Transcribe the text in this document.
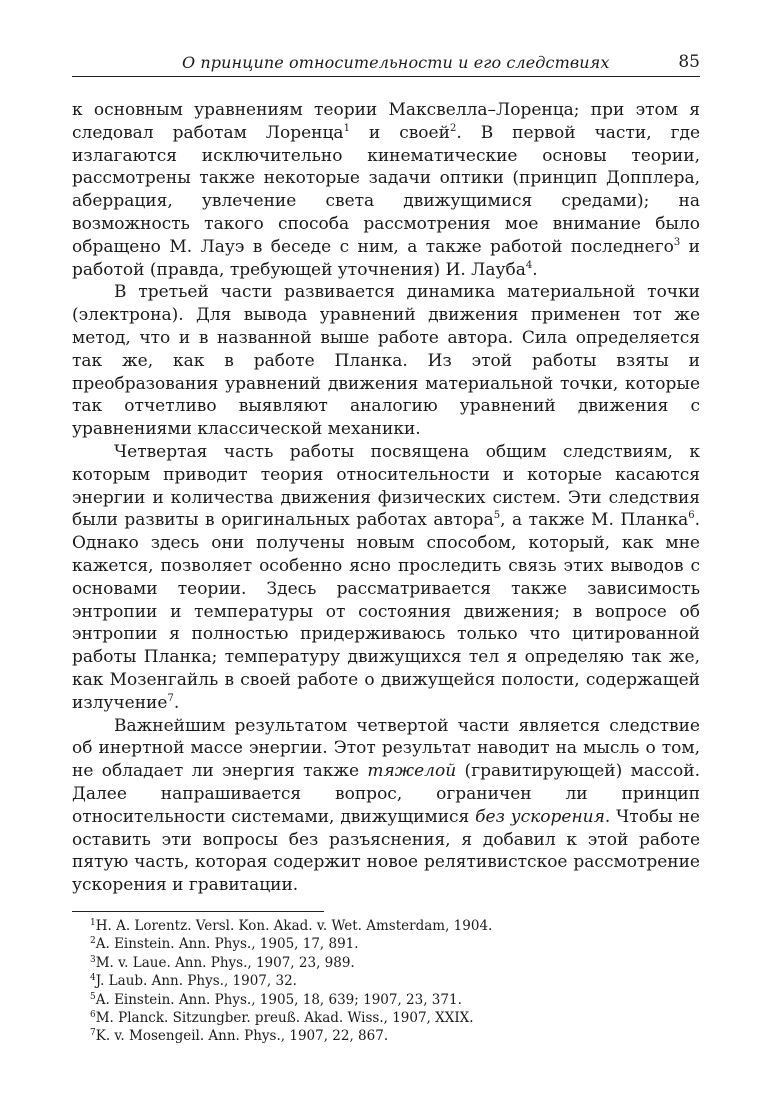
О принципе относительности и его следствиях	85

к основным уравнениям теории Максвелла–Лоренца; при этом я следовал работам Лоренца$^1$ и своей$^2$. В первой части, где излагаются исключительно кинематические основы теории, рассмотрены также некоторые задачи оптики (принцип Допплера, аберрация, увлечение света движущимися средами); на возможность такого способа рассмотрения мое внимание было обращено М. Лауэ в беседе с ним, а также работой последнего$^3$ и работой (правда, требующей уточнения) И. Лауба$^4$.

В третьей части развивается динамика материальной точки (электрона). Для вывода уравнений движения применен тот же метод, что и в названной выше работе автора. Сила определяется так же, как в работе Планка. Из этой работы взяты и преобразования уравнений движения материальной точки, которые так отчетливо выявляют аналогию уравнений движения с уравнениями классической механики.

Четвертая часть работы посвящена общим следствиям, к которым приводит теория относительности и которые касаются энергии и количества движения физических систем. Эти следствия были развиты в оригинальных работах автора$^5$, а также М. Планка$^6$. Однако здесь они получены новым способом, который, как мне кажется, позволяет особенно ясно проследить связь этих выводов с основами теории. Здесь рассматривается также зависимость энтропии и температуры от состояния движения; в вопросе об энтропии я полностью придерживаюсь только что цитированной работы Планка; температуру движущихся тел я определяю так же, как Мозенгайль в своей работе о движущейся полости, содержащей излучение$^7$.

Важнейшим результатом четвертой части является следствие об инертной массе энергии. Этот результат наводит на мысль о том, не обладает ли энергия также тяжелой (гравитирующей) массой. Далее напрашивается вопрос, ограничен ли принцип относительности системами, движущимися без ускорения. Чтобы не оставить эти вопросы без разъяснения, я добавил к этой работе пятую часть, которая содержит новое релятивистское рассмотрение ускорения и гравитации.

$^1$H. A. Lorentz. Versl. Kon. Akad. v. Wet. Amsterdam, 1904.
$^2$A. Einstein. Ann. Phys., 1905, 17, 891.
$^3$M. v. Laue. Ann. Phys., 1907, 23, 989.
$^4$J. Laub. Ann. Phys., 1907, 32.
$^5$A. Einstein. Ann. Phys., 1905, 18, 639; 1907, 23, 371.
$^6$M. Planck. Sitzungber. preuß. Akad. Wiss., 1907, XXIX.
$^7$K. v. Mosengeil. Ann. Phys., 1907, 22, 867.
